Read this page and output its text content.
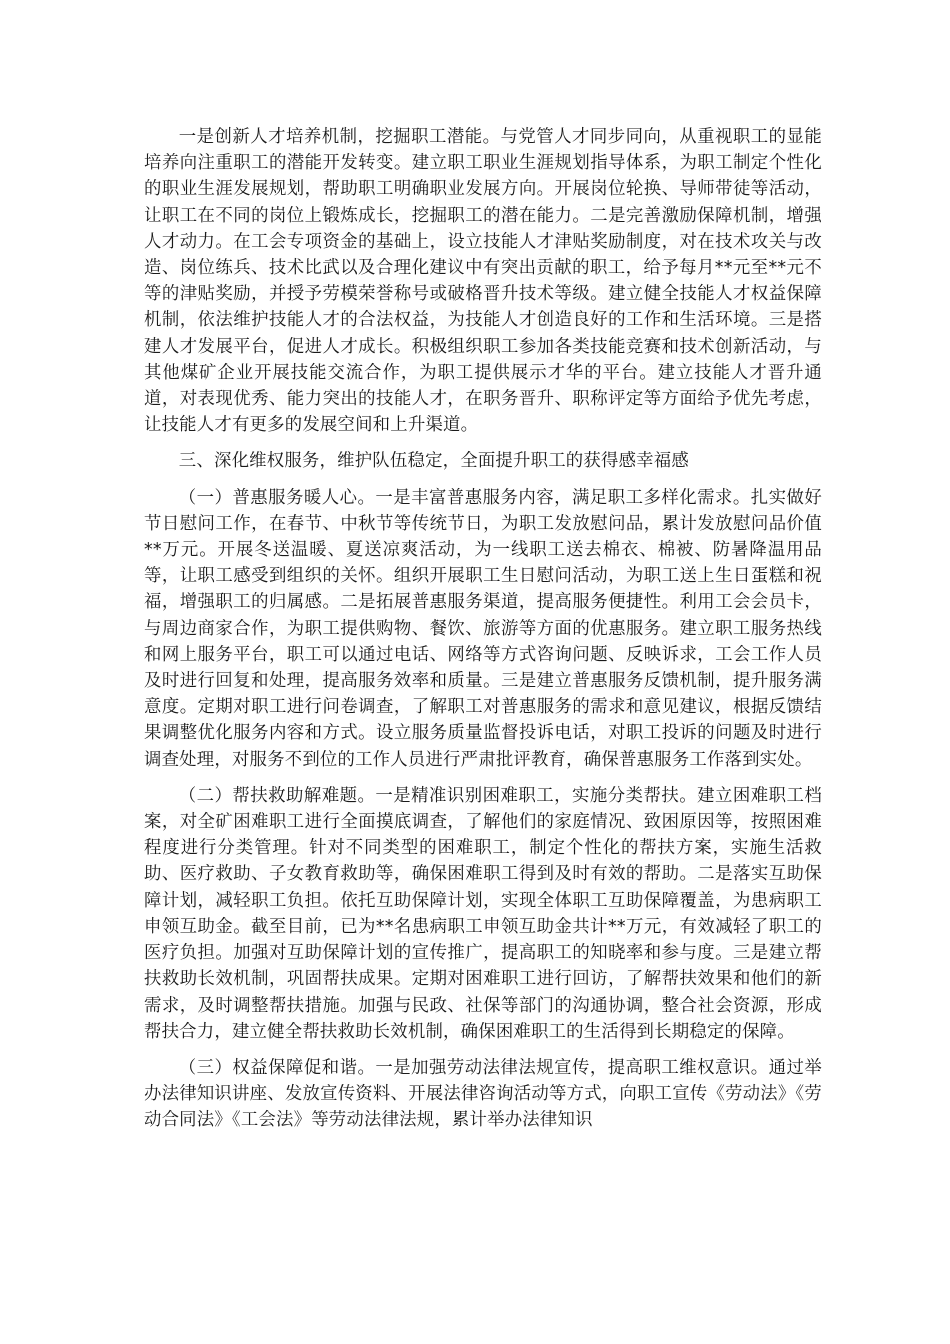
一是创新人才培养机制，挖掘职工潜能。与党管人才同步同向，从重视职工的显能培养向注重职工的潜能开发转变。建立职工职业生涯规划指导体系，为职工制定个性化的职业生涯发展规划，帮助职工明确职业发展方向。开展岗位轮换、导师带徒等活动，让职工在不同的岗位上锻炼成长，挖掘职工的潜在能力。二是完善激励保障机制，增强人才动力。在工会专项资金的基础上，设立技能人才津贴奖励制度，对在技术攻关与改造、岗位练兵、技术比武以及合理化建议中有突出贡献的职工，给予每月**元至**元不等的津贴奖励，并授予劳模荣誉称号或破格晋升技术等级。建立健全技能人才权益保障机制，依法维护技能人才的合法权益，为技能人才创造良好的工作和生活环境。三是搭建人才发展平台，促进人才成长。积极组织职工参加各类技能竞赛和技术创新活动，与其他煤矿企业开展技能交流合作，为职工提供展示才华的平台。建立技能人才晋升通道，对表现优秀、能力突出的技能人才，在职务晋升、职称评定等方面给予优先考虑，让技能人才有更多的发展空间和上升渠道。

三、深化维权服务，维护队伍稳定，全面提升职工的获得感幸福感

（一）普惠服务暖人心。一是丰富普惠服务内容，满足职工多样化需求。扎实做好节日慰问工作，在春节、中秋节等传统节日，为职工发放慰问品，累计发放慰问品价值**万元。开展冬送温暖、夏送凉爽活动，为一线职工送去棉衣、棉被、防暑降温用品等，让职工感受到组织的关怀。组织开展职工生日慰问活动，为职工送上生日蛋糕和祝福，增强职工的归属感。二是拓展普惠服务渠道，提高服务便捷性。利用工会会员卡，与周边商家合作，为职工提供购物、餐饮、旅游等方面的优惠服务。建立职工服务热线和网上服务平台，职工可以通过电话、网络等方式咨询问题、反映诉求，工会工作人员及时进行回复和处理，提高服务效率和质量。三是建立普惠服务反馈机制，提升服务满意度。定期对职工进行问卷调查，了解职工对普惠服务的需求和意见建议，根据反馈结果调整优化服务内容和方式。设立服务质量监督投诉电话，对职工投诉的问题及时进行调查处理，对服务不到位的工作人员进行严肃批评教育，确保普惠服务工作落到实处。

（二）帮扶救助解难题。一是精准识别困难职工，实施分类帮扶。建立困难职工档案，对全矿困难职工进行全面摸底调查，了解他们的家庭情况、致困原因等，按照困难程度进行分类管理。针对不同类型的困难职工，制定个性化的帮扶方案，实施生活救助、医疗救助、子女教育救助等，确保困难职工得到及时有效的帮助。二是落实互助保障计划，减轻职工负担。依托互助保障计划，实现全体职工互助保障覆盖，为患病职工申领互助金。截至目前，已为**名患病职工申领互助金共计**万元，有效减轻了职工的医疗负担。加强对互助保障计划的宣传推广，提高职工的知晓率和参与度。三是建立帮扶救助长效机制，巩固帮扶成果。定期对困难职工进行回访，了解帮扶效果和他们的新需求，及时调整帮扶措施。加强与民政、社保等部门的沟通协调，整合社会资源，形成帮扶合力，建立健全帮扶救助长效机制，确保困难职工的生活得到长期稳定的保障。

（三）权益保障促和谐。一是加强劳动法律法规宣传，提高职工维权意识。通过举办法律知识讲座、发放宣传资料、开展法律咨询活动等方式，向职工宣传《劳动法》《劳动合同法》《工会法》等劳动法律法规，累计举办法律知识
